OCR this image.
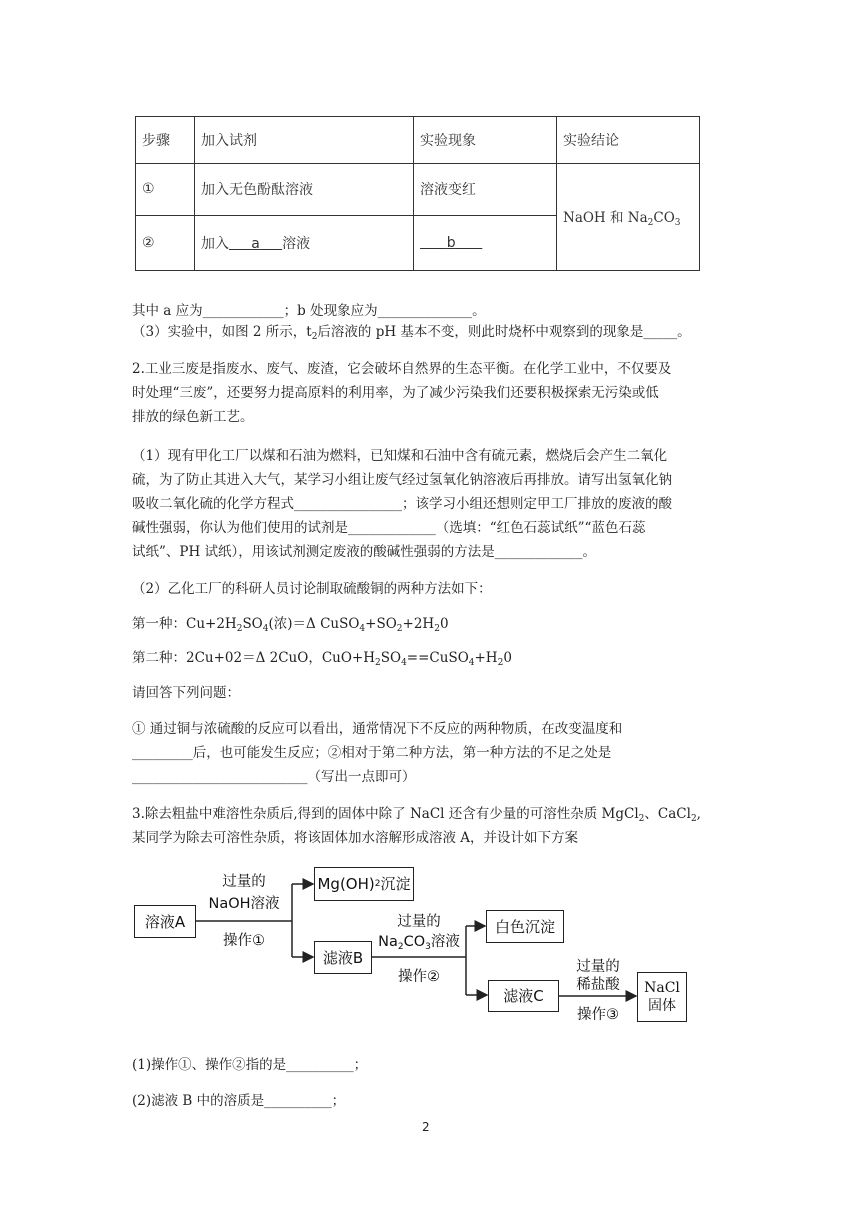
步骤	加入试剂	实验现象	实验结论
①	加入无色酚酞溶液	溶液变红	NaOH 和 $Na_2CO_3$
②	加入 a 溶液	b	
其中 a 应为____________；b 处现象应为______________。
（3）实验中，如图 2 所示，$t_2$后溶液的 pH 基本不变，则此时烧杯中观察到的现象是_____。
2.工业三废是指废水、废气、废渣，它会破坏自然界的生态平衡。在化学工业中，不仅要及
时处理“三废”，还要努力提高原料的利用率，为了减少污染我们还要积极探索无污染或低
排放的绿色新工艺。
（1）现有甲化工厂以煤和石油为燃料，已知煤和石油中含有硫元素，燃烧后会产生二氧化
硫，为了防止其进入大气，某学习小组让废气经过氢氧化钠溶液后再排放。请写出氢氧化钠
吸收二氧化硫的化学方程式________________；该学习小组还想则定甲工厂排放的废液的酸
碱性强弱，你认为他们使用的试剂是_____________（选填：“红色石蕊试纸”“蓝色石蕊
试纸”、PH 试纸），用该试剂测定废液的酸碱性强弱的方法是_____________。
（2）乙化工厂的科研人员讨论制取硫酸铜的两种方法如下：
第一种：$Cu+2H_2SO_4$(浓)＝Δ $CuSO_4+SO_2+2H_20$
第二种：2Cu+02＝Δ 2CuO，$CuO+H_2SO_4==CuSO_4+H_20$
请回答下列问题：
① 通过铜与浓硫酸的反应可以看出，通常情况下不反应的两种物质，在改变温度和
_________后，也可能发生反应；②相对于第二种方法，第一种方法的不足之处是
__________________________（写出一点即可）
3.除去粗盐中难溶性杂质后,得到的固体中除了 NaCl 还含有少量的可溶性杂质 MgCl$_2$、CaCl$_2$,
某同学为除去可溶性杂质，将该固体加水溶解形成溶液 A，并设计如下方案
溶液A
过量的
NaOH溶液
操作①
Mg(OH) 2 沉淀
滤液B
过量的
$Na_2CO_3$溶液
操作②
白色沉淀
滤液C
过量的
稀盐酸
操作③
NaCl
固体
(1)操作①、操作②指的是__________；
(2)滤液 B 中的溶质是__________；
2
